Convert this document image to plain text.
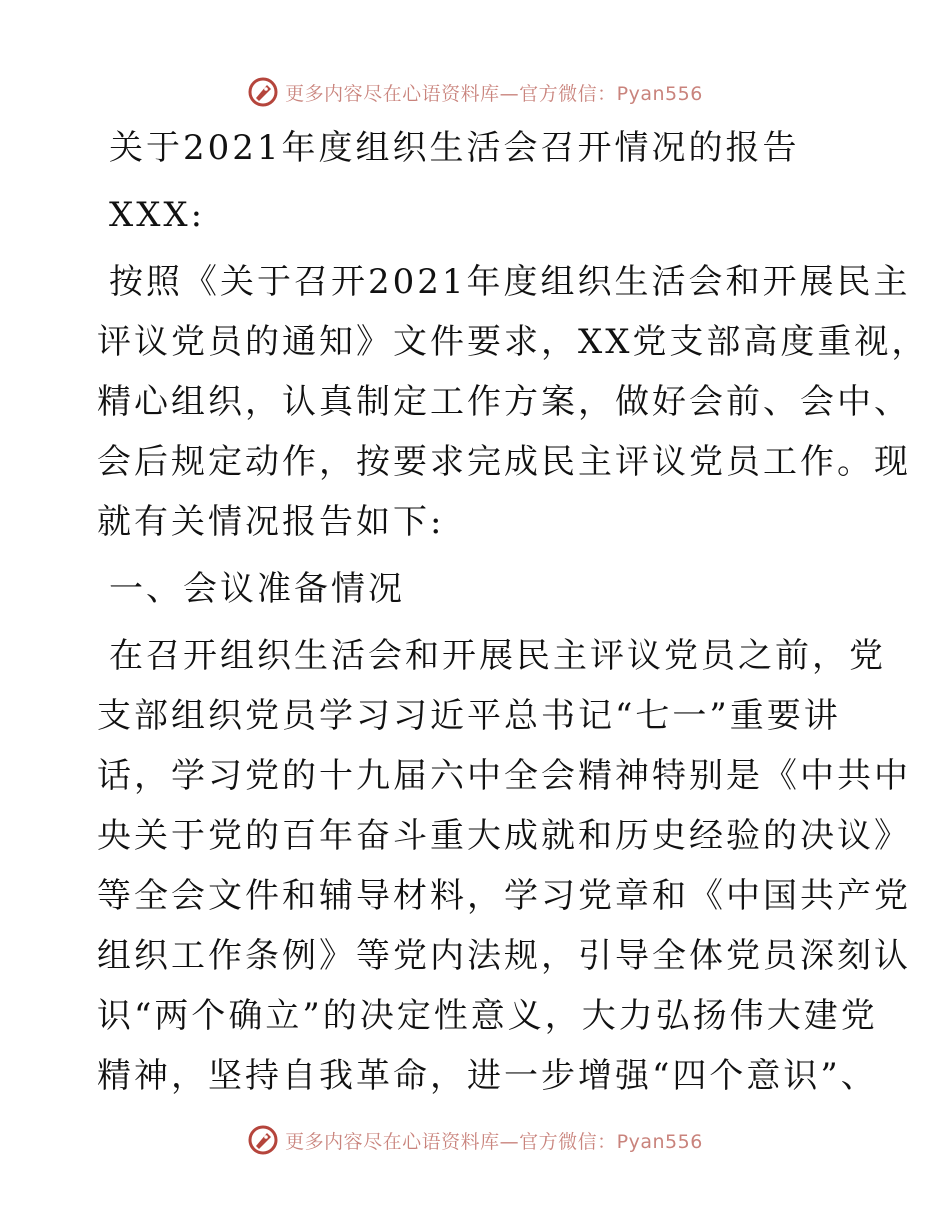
更多内容尽在心语资料库—官方微信：Pyan556
关于2021年度组织生活会召开情况的报告
XXX:
按照《关于召开2021年度组织生活会和开展民主
评议党员的通知》文件要求，XX党支部高度重视，
精心组织，认真制定工作方案，做好会前、会中、
会后规定动作，按要求完成民主评议党员工作。现
就有关情况报告如下:
一、会议准备情况
在召开组织生活会和开展民主评议党员之前，党
支部组织党员学习习近平总书记“七一”重要讲
话，学习党的十九届六中全会精神特别是《中共中
央关于党的百年奋斗重大成就和历史经验的决议》
等全会文件和辅导材料，学习党章和《中国共产党
组织工作条例》等党内法规，引导全体党员深刻认
识“两个确立”的决定性意义，大力弘扬伟大建党
精神，坚持自我革命，进一步增强“四个意识”、
更多内容尽在心语资料库—官方微信：Pyan556
